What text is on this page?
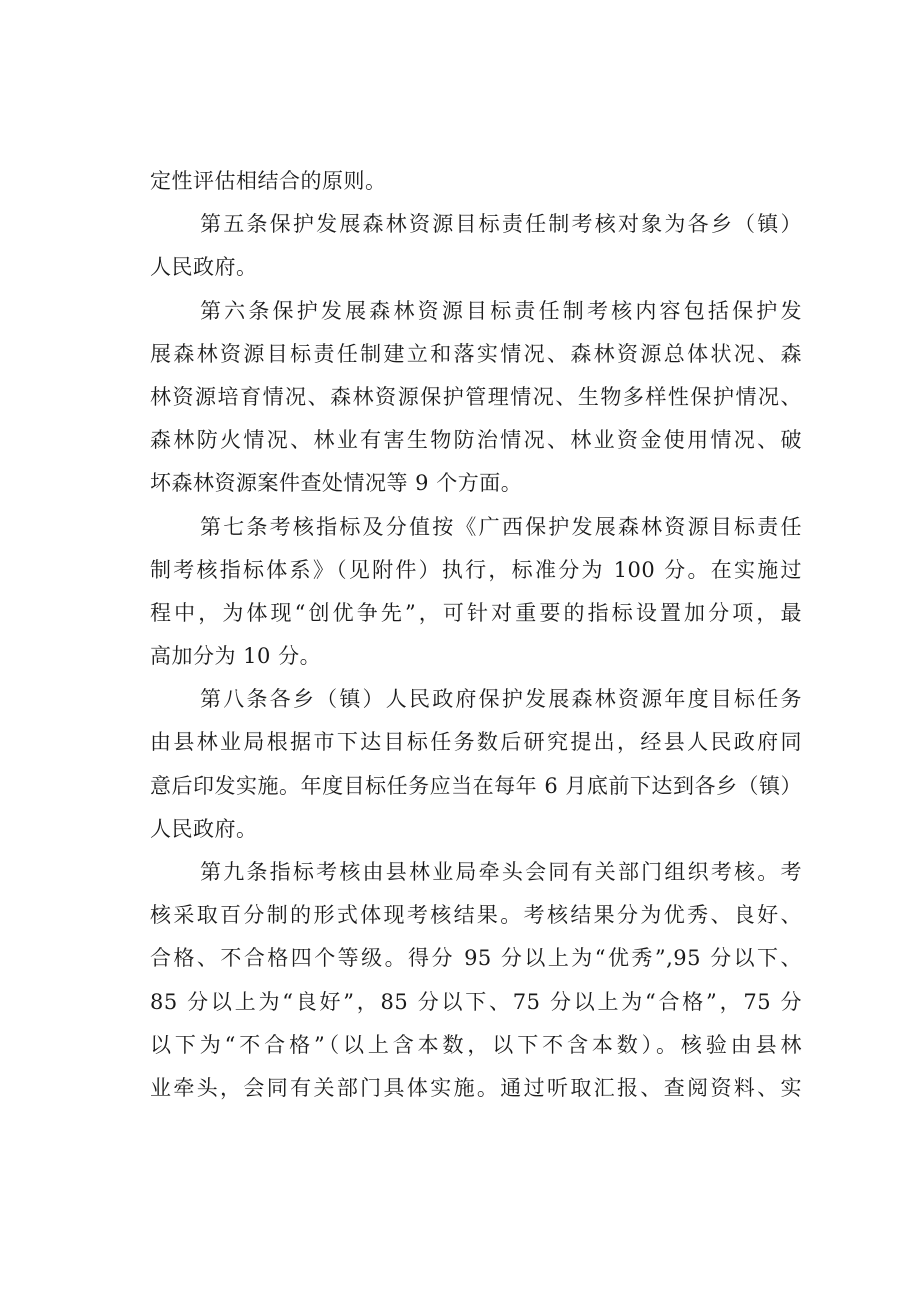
定性评估相结合的原则。
第五条保护发展森林资源目标责任制考核对象为各乡（镇）
人民政府。
第六条保护发展森林资源目标责任制考核内容包括保护发
展森林资源目标责任制建立和落实情况、森林资源总体状况、森
林资源培育情况、森林资源保护管理情况、生物多样性保护情况、
森林防火情况、林业有害生物防治情况、林业资金使用情况、破
坏森林资源案件查处情况等 9 个方面。
第七条考核指标及分值按《广西保护发展森林资源目标责任
制考核指标体系》（见附件）执行，标准分为 100 分。在实施过
程中，为体现“创优争先”，可针对重要的指标设置加分项，最
高加分为 10 分。
第八条各乡（镇）人民政府保护发展森林资源年度目标任务
由县林业局根据市下达目标任务数后研究提出，经县人民政府同
意后印发实施。年度目标任务应当在每年 6 月底前下达到各乡（镇）
人民政府。
第九条指标考核由县林业局牵头会同有关部门组织考核。考
核采取百分制的形式体现考核结果。考核结果分为优秀、良好、
合格、不合格四个等级。得分 95 分以上为“优秀”,95 分以下、
85 分以上为“良好”，85 分以下、75 分以上为“合格”，75 分
以下为“不合格”（以上含本数，以下不含本数）。核验由县林
业牵头，会同有关部门具体实施。通过听取汇报、查阅资料、实
